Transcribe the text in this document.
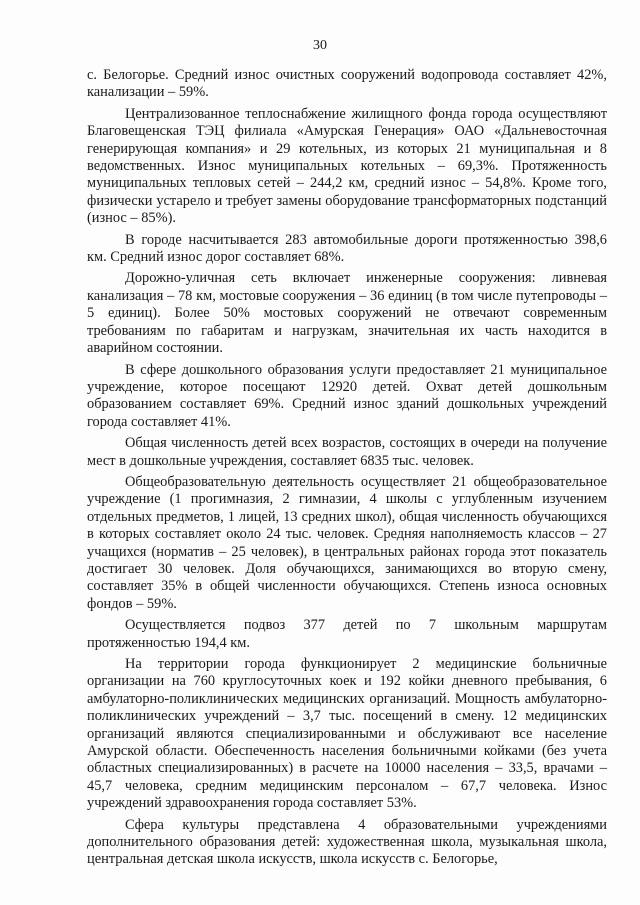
30

с. Белогорье. Средний износ очистных сооружений водопровода составляет 42%, канализации – 59%.

Централизованное теплоснабжение жилищного фонда города осуществляют Благовещенская ТЭЦ филиала «Амурская Генерация» ОАО «Дальневосточная генерирующая компания» и 29 котельных, из которых 21 муниципальная и 8 ведомственных. Износ муниципальных котельных – 69,3%. Протяженность муниципальных тепловых сетей – 244,2 км, средний износ – 54,8%. Кроме того, физически устарело и требует замены оборудование трансформаторных подстанций (износ – 85%).

В городе насчитывается 283 автомобильные дороги протяженностью 398,6 км. Средний износ дорог составляет 68%.

Дорожно-уличная сеть включает инженерные сооружения: ливневая канализация – 78 км, мостовые сооружения – 36 единиц (в том числе путепроводы – 5 единиц). Более 50% мостовых сооружений не отвечают современным требованиям по габаритам и нагрузкам, значительная их часть находится в аварийном состоянии.

В сфере дошкольного образования услуги предоставляет 21 муниципальное учреждение, которое посещают 12920 детей. Охват детей дошкольным образованием составляет 69%. Средний износ зданий дошкольных учреждений города составляет 41%.

Общая численность детей всех возрастов, состоящих в очереди на получение мест в дошкольные учреждения, составляет 6835 тыс. человек.

Общеобразовательную деятельность осуществляет 21 общеобразовательное учреждение (1 прогимназия, 2 гимназии, 4 школы с углубленным изучением отдельных предметов, 1 лицей, 13 средних школ), общая численность обучающихся в которых составляет около 24 тыс. человек. Средняя наполняемость классов – 27 учащихся (норматив – 25 человек), в центральных районах города этот показатель достигает 30 человек. Доля обучающихся, занимающихся во вторую смену, составляет 35% в общей численности обучающихся. Степень износа основных фондов – 59%.

Осуществляется подвоз 377 детей по 7 школьным маршрутам протяженностью 194,4 км.

На территории города функционирует 2 медицинские больничные организации на 760 круглосуточных коек и 192 койки дневного пребывания, 6 амбулаторно-поликлинических медицинских организаций. Мощность амбулаторно-поликлинических учреждений – 3,7 тыс. посещений в смену. 12 медицинских организаций являются специализированными и обслуживают все население Амурской области. Обеспеченность населения больничными койками (без учета областных специализированных) в расчете на 10000 населения – 33,5, врачами – 45,7 человека, средним медицинским персоналом – 67,7 человека. Износ учреждений здравоохранения города составляет 53%.

Сфера культуры представлена 4 образовательными учреждениями дополнительного образования детей: художественная школа, музыкальная школа, центральная детская школа искусств, школа искусств с. Белогорье,
